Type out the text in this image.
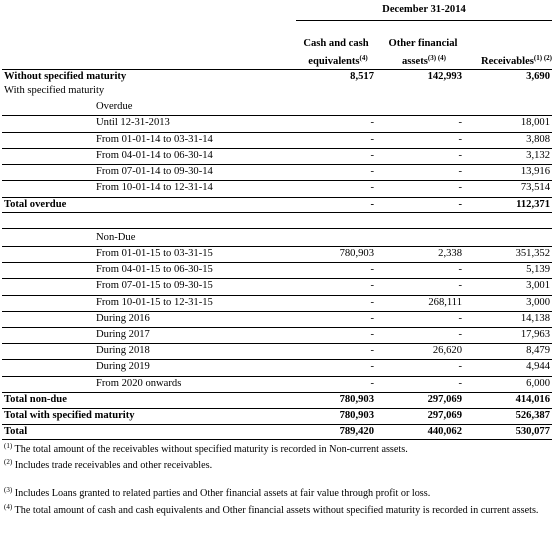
December 31-2014
Cash and cash
equivalents$^{(4)}$
Other financial
assets$^{(3) (4)}$	Receivables$^{(1) (2)}$
Without specified maturity	8,517	142,993	3,690
With specified maturity
Overdue
Until 12-31-2013	-	-	18,001
From 01-01-14 to 03-31-14	-	-	3,808
From 04-01-14 to 06-30-14	-	-	3,132
From 07-01-14 to 09-30-14	-	-	13,916
From 10-01-14 to 12-31-14	-	-	73,514
Total overdue	-	-	112,371
Non-Due
From 01-01-15 to 03-31-15	780,903	2,338	351,352
From 04-01-15 to 06-30-15	-	-	5,139
From 07-01-15 to 09-30-15	-	-	3,001
From 10-01-15 to 12-31-15	-	268,111	3,000
During 2016	-	-	14,138
During 2017	-	-	17,963
During 2018	-	26,620	8,479
During 2019	-	-	4,944
From 2020 onwards	-	-	6,000
Total non-due	780,903	297,069	414,016
Total with specified maturity	780,903	297,069	526,387
Total	789,420	440,062	530,077
$^{(1)}$ The total amount of the receivables without specified maturity is recorded in Non-current assets.
$^{(2)}$ Includes trade receivables and other receivables.
$^{(3)}$ Includes Loans granted to related parties and Other financial assets at fair value through profit or loss.
$^{(4)}$ The total amount of cash and cash equivalents and Other financial assets without specified maturity is recorded in current assets.
